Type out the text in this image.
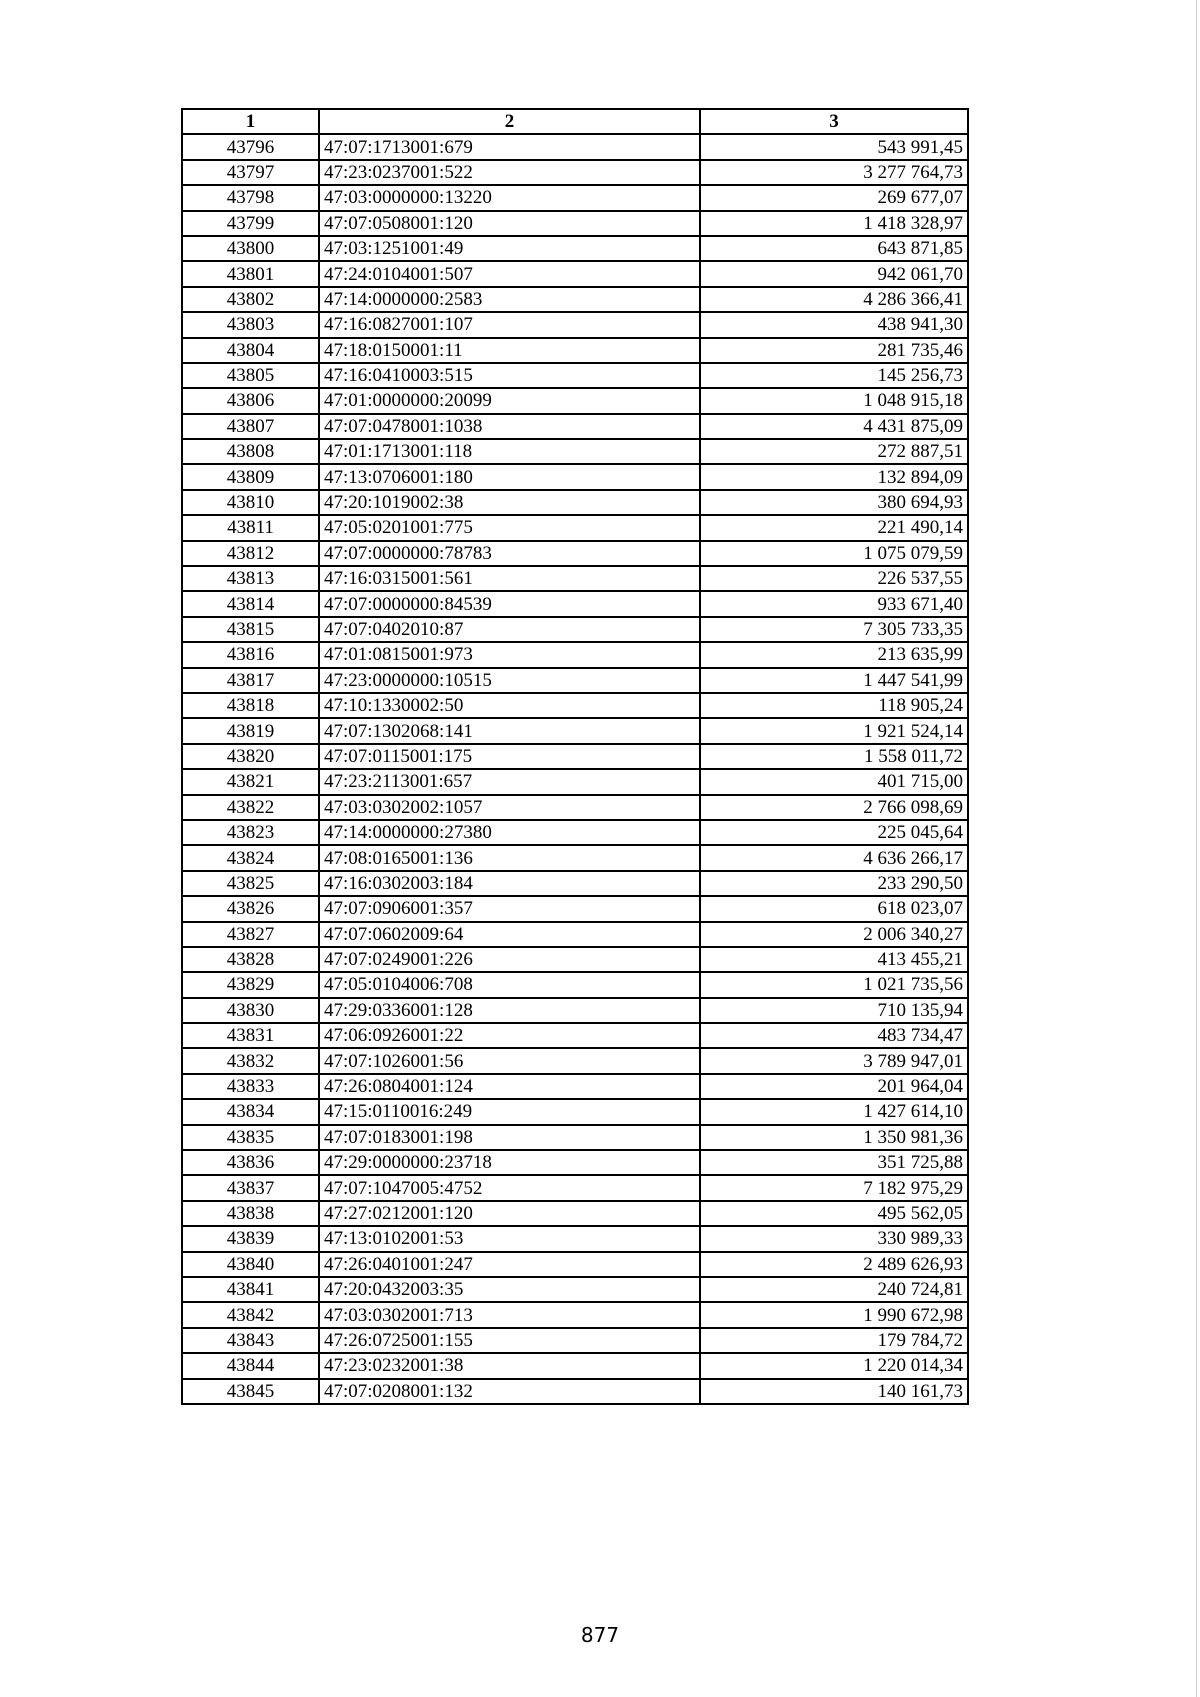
1	2	3
43796	47:07:1713001:679	543 991,45
43797	47:23:0237001:522	3 277 764,73
43798	47:03:0000000:13220	269 677,07
43799	47:07:0508001:120	1 418 328,97
43800	47:03:1251001:49	643 871,85
43801	47:24:0104001:507	942 061,70
43802	47:14:0000000:2583	4 286 366,41
43803	47:16:0827001:107	438 941,30
43804	47:18:0150001:11	281 735,46
43805	47:16:0410003:515	145 256,73
43806	47:01:0000000:20099	1 048 915,18
43807	47:07:0478001:1038	4 431 875,09
43808	47:01:1713001:118	272 887,51
43809	47:13:0706001:180	132 894,09
43810	47:20:1019002:38	380 694,93
43811	47:05:0201001:775	221 490,14
43812	47:07:0000000:78783	1 075 079,59
43813	47:16:0315001:561	226 537,55
43814	47:07:0000000:84539	933 671,40
43815	47:07:0402010:87	7 305 733,35
43816	47:01:0815001:973	213 635,99
43817	47:23:0000000:10515	1 447 541,99
43818	47:10:1330002:50	118 905,24
43819	47:07:1302068:141	1 921 524,14
43820	47:07:0115001:175	1 558 011,72
43821	47:23:2113001:657	401 715,00
43822	47:03:0302002:1057	2 766 098,69
43823	47:14:0000000:27380	225 045,64
43824	47:08:0165001:136	4 636 266,17
43825	47:16:0302003:184	233 290,50
43826	47:07:0906001:357	618 023,07
43827	47:07:0602009:64	2 006 340,27
43828	47:07:0249001:226	413 455,21
43829	47:05:0104006:708	1 021 735,56
43830	47:29:0336001:128	710 135,94
43831	47:06:0926001:22	483 734,47
43832	47:07:1026001:56	3 789 947,01
43833	47:26:0804001:124	201 964,04
43834	47:15:0110016:249	1 427 614,10
43835	47:07:0183001:198	1 350 981,36
43836	47:29:0000000:23718	351 725,88
43837	47:07:1047005:4752	7 182 975,29
43838	47:27:0212001:120	495 562,05
43839	47:13:0102001:53	330 989,33
43840	47:26:0401001:247	2 489 626,93
43841	47:20:0432003:35	240 724,81
43842	47:03:0302001:713	1 990 672,98
43843	47:26:0725001:155	179 784,72
43844	47:23:0232001:38	1 220 014,34
43845	47:07:0208001:132	140 161,73
877
